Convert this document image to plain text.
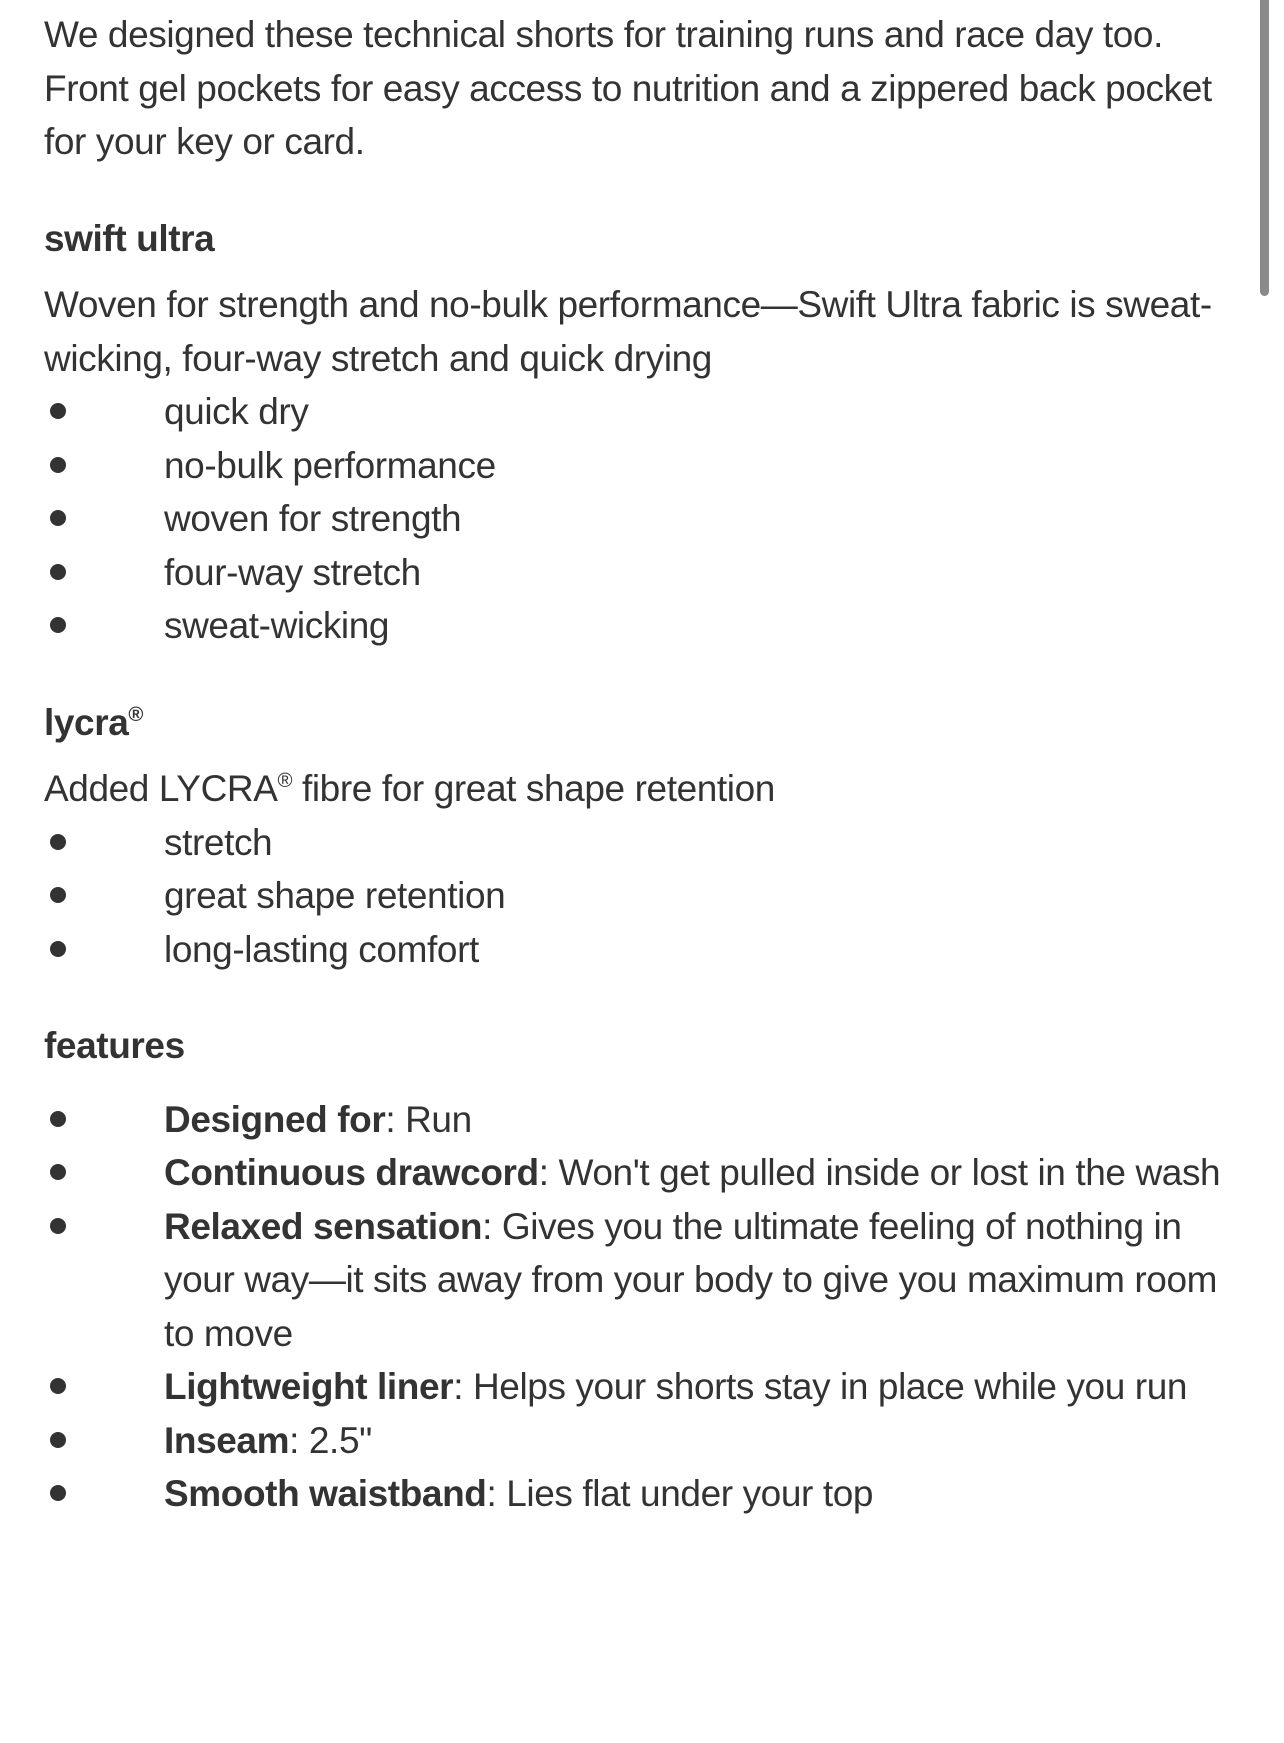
We designed these technical shorts for training runs and race day too. Front gel pockets for easy access to nutrition and a zippered back pocket for your key or card.

swift ultra

Woven for strength and no-bulk performance—Swift Ultra fabric is sweat-wicking, four-way stretch and quick drying

quick dry
no-bulk performance
woven for strength
four-way stretch
sweat-wicking
lycra®

Added LYCRA® fibre for great shape retention

stretch
great shape retention
long-lasting comfort
features
Designed for: Run
Continuous drawcord: Won't get pulled inside or lost in the wash
Relaxed sensation: Gives you the ultimate feeling of nothing in your way—it sits away from your body to give you maximum room to move
Lightweight liner: Helps your shorts stay in place while you run
Inseam: 2.5"
Smooth waistband: Lies flat under your top
